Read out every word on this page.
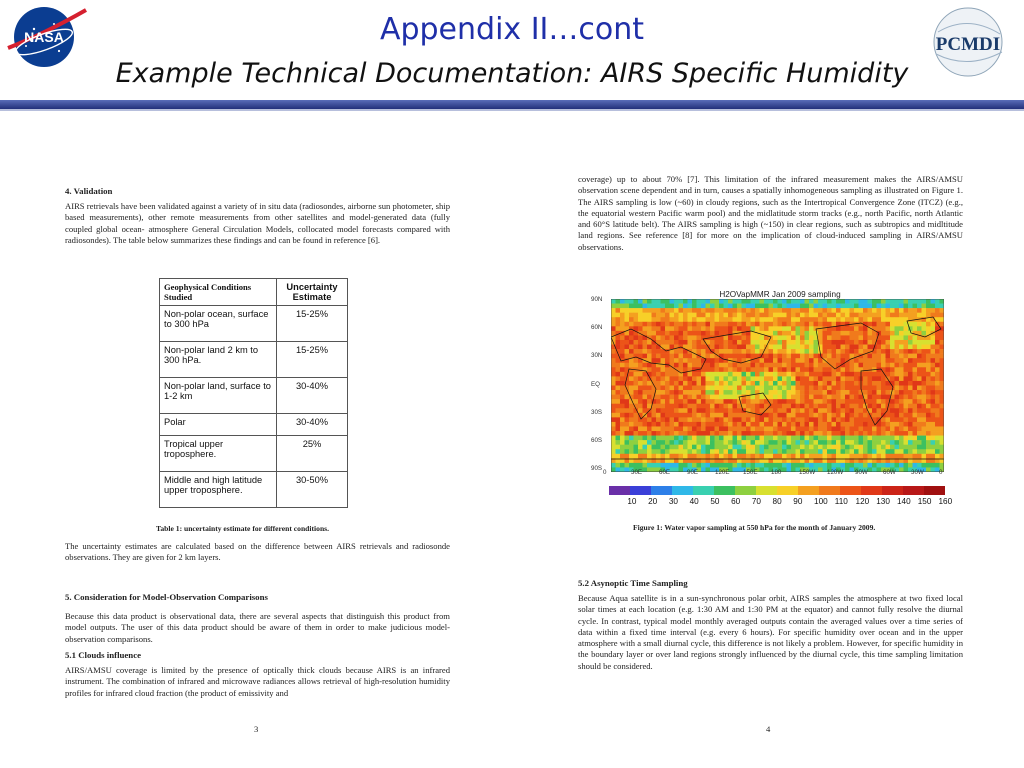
NASA	Appendix II…cont
Example Technical Documentation: AIRS Specific Humidity
PCMDI
4. Validation
AIRS retrievals have been validated against a variety of in situ data (radiosondes, airborne sun photometer, ship based measurements), other remote measurements from other satellites and model-generated data (fully coupled global ocean- atmosphere General Circulation Models, collocated model forecasts compared with radiosondes). The table below summarizes these findings and can be found in reference [6].
Geophysical Conditions Studied	Uncertainty Estimate
Non-polar ocean, surface to 300 hPa	15-25%
Non-polar land 2 km to 300 hPa.	15-25%
Non-polar land, surface to 1-2 km	30-40%
Polar	30-40%
Tropical upper troposphere.	25%
Middle and high latitude upper troposphere.	30-50%
Table 1: uncertainty estimate for different conditions.
The uncertainty estimates are calculated based on the difference between AIRS retrievals and radiosonde observations. They are given for 2 km layers.
5. Consideration for Model-Observation Comparisons
Because this data product is observational data, there are several aspects that distinguish this product from model outputs. The user of this data product should be aware of them in order to make judicious model-observation comparisons.
5.1 Clouds influence
AIRS/AMSU coverage is limited by the presence of optically thick clouds because AIRS is an infrared instrument. The combination of infrared and microwave radiances allows retrieval of high-resolution humidity profiles for infrared cloud fraction (the product of emissivity and
3
coverage) up to about 70% [7]. This limitation of the infrared measurement makes the AIRS/AMSU observation scene dependent and in turn, causes a spatially inhomogeneous sampling as illustrated on Figure 1. The AIRS sampling is low (~60) in cloudy regions, such as the Intertropical Convergence Zone (ITCZ) (e.g., the equatorial western Pacific warm pool) and the midlatitude storm tracks (e.g., north Pacific, north Atlantic and 60°S latitude belt). The AIRS sampling is high (~150) in clear regions, such as subtropics and midltitude land regions. See reference [8] for more on the implication of cloud-induced sampling in AIRS/AMSU observations.
H2OVapMMR Jan 2009 sampling
90N
60N
30N
EQ
30S
60S
90S
0	30E	60E	90E	120E 150E 180	150W 120W 90W 60W 30W 0
10 20 30 40 50 60 70 80 90 100 110 120 130 140 150 160
Figure 1: Water vapor sampling at 550 hPa for the month of January 2009.
5.2 Asynoptic Time Sampling
Because Aqua satellite is in a sun-synchronous polar orbit, AIRS samples the atmosphere at two fixed local solar times at each location (e.g. 1:30 AM and 1:30 PM at the equator) and cannot fully resolve the diurnal cycle. In contrast, typical model monthly averaged outputs contain the averaged values over a time series of data within a fixed time interval (e.g. every 6 hours). For specific humidity over ocean and in the upper atmosphere with a small diurnal cycle, this difference is not likely a problem. However, for specific humidity in the boundary layer or over land regions strongly influenced by the diurnal cycle, this time sampling limitation should be considered.
4
